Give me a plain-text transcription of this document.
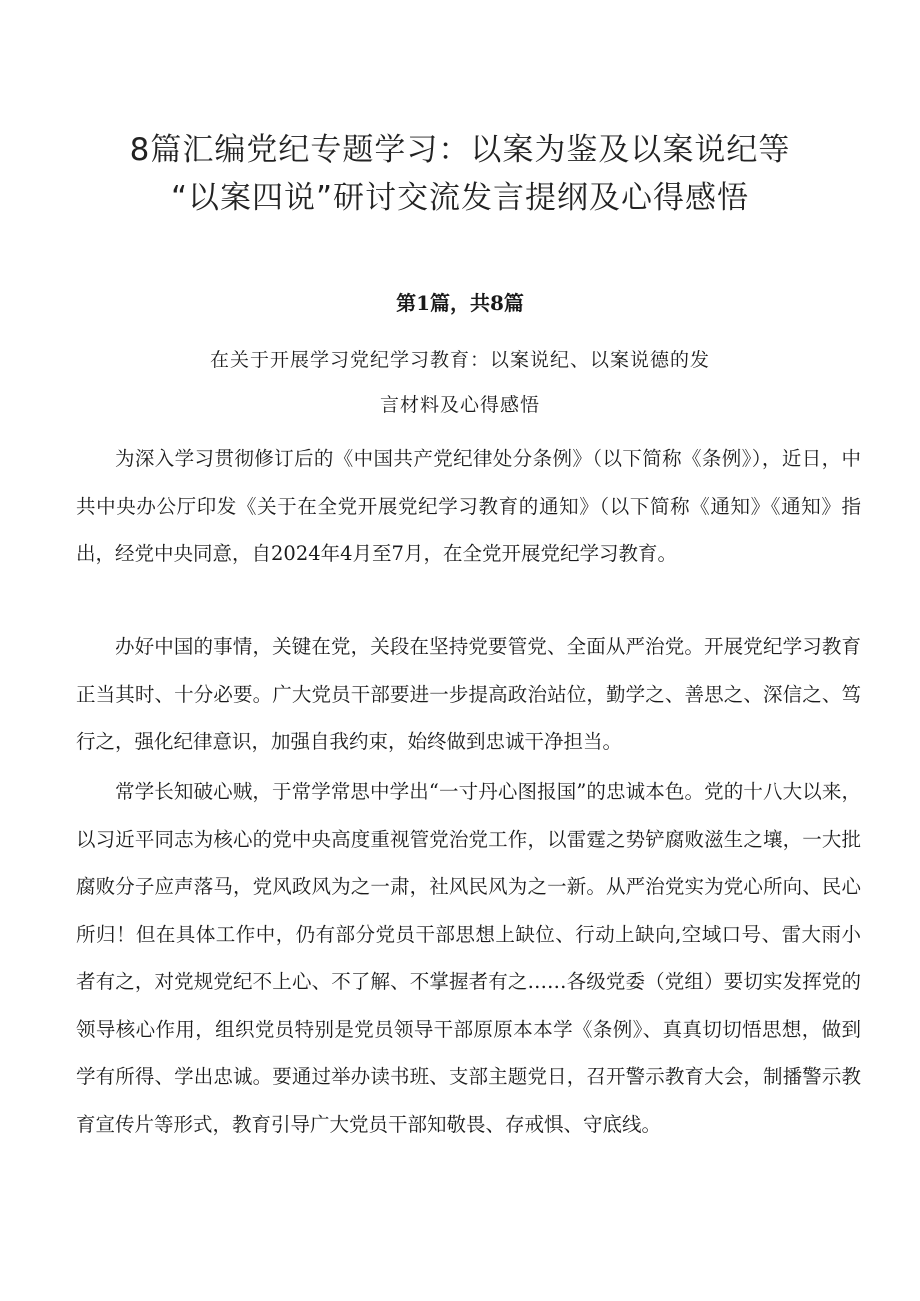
8篇汇编党纪专题学习：以案为鉴及以案说纪等
“以案四说”研讨交流发言提纲及心得感悟
第1篇，共8篇
在关于开展学习党纪学习教育：以案说纪、以案说德的发
言材料及心得感悟

为深入学习贯彻修订后的《中国共产党纪律处分条例》（以下简称《条例》），近日，中共中央办公厅印发《关于在全党开展党纪学习教育的通知》（以下简称《通知》《通知》指出，经党中央同意，自2024年4月至7月，在全党开展党纪学习教育。

办好中国的事情，关键在党，关段在坚持党要管党、全面从严治党。开展党纪学习教育正当其时、十分必要。广大党员干部要进一步提高政治站位，勤学之、善思之、深信之、笃行之，强化纪律意识，加强自我约束，始终做到忠诚干净担当。

常学长知破心贼，于常学常思中学出“一寸丹心图报国”的忠诚本色。党的十八大以来，以习近平同志为核心的党中央高度重视管党治党工作，以雷霆之势铲腐败滋生之壤，一大批腐败分子应声落马，党风政风为之一肃，社风民风为之一新。从严治党实为党心所向、民心所归！但在具体工作中，仍有部分党员干部思想上缺位、行动上缺向,空域口号、雷大雨小者有之，对党规党纪不上心、不了解、不掌握者有之……各级党委（党组）要切实发挥党的领导核心作用，组织党员特别是党员领导干部原原本本学《条例》、真真切切悟思想，做到学有所得、学出忠诚。要通过举办读书班、支部主题党日，召开警示教育大会，制播警示教育宣传片等形式，教育引导广大党员干部知敬畏、存戒惧、守底线。
